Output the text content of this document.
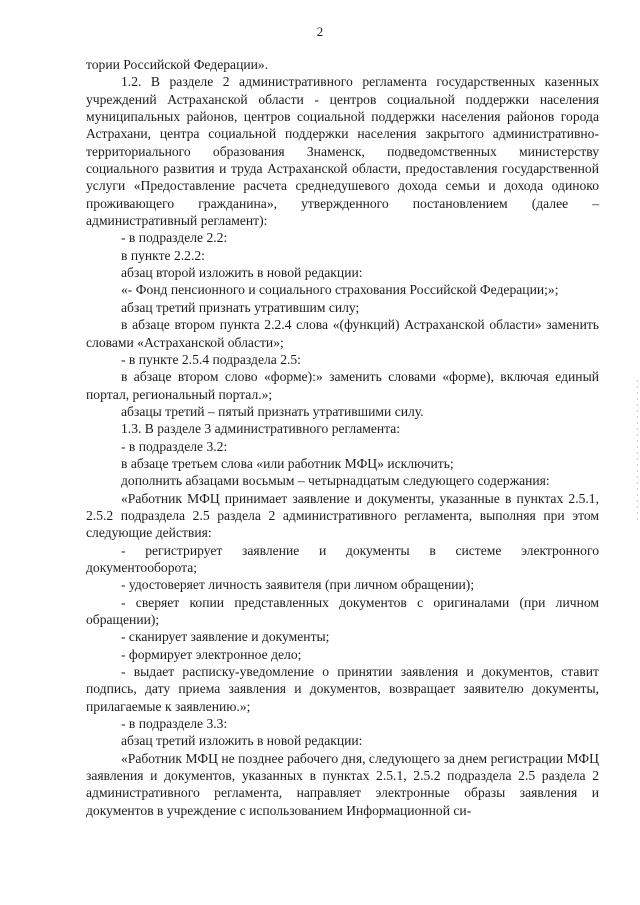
2

тории Российской Федерации».

1.2. В разделе 2 административного регламента государственных казенных учреждений Астраханской области - центров социальной поддержки населения муниципальных районов, центров социальной поддержки населения районов города Астрахани, центра социальной поддержки населения закрытого административно-территориального образования Знаменск, подведомственных министерству социального развития и труда Астраханской области, предоставления государственной услуги «Предоставление расчета среднедушевого дохода семьи и дохода одиноко проживающего гражданина», утвержденного постановлением (далее – административный регламент):

- в подразделе 2.2:

в пункте 2.2.2:

абзац второй изложить в новой редакции:

«- Фонд пенсионного и социального страхования Российской Федерации;»;

абзац третий признать утратившим силу;

в абзаце втором пункта 2.2.4 слова «(функций) Астраханской области» заменить словами «Астраханской области»;

- в пункте 2.5.4 подраздела 2.5:

в абзаце втором слово «форме):» заменить словами «форме), включая единый портал, региональный портал.»;

абзацы третий – пятый признать утратившими силу.

1.3. В разделе 3 административного регламента:

- в подразделе 3.2:

в абзаце третьем слова «или работник МФЦ» исключить;

дополнить абзацами восьмым – четырнадцатым следующего содержания:

«Работник МФЦ принимает заявление и документы, указанные в пунктах 2.5.1, 2.5.2 подраздела 2.5 раздела 2 административного регламента, выполняя при этом следующие действия:

- регистрирует заявление и документы в системе электронного документооборота;

- удостоверяет личность заявителя (при личном обращении);

- сверяет копии представленных документов с оригиналами (при личном обращении);

- сканирует заявление и документы;

- формирует электронное дело;

- выдает расписку-уведомление о принятии заявления и документов, ставит подпись, дату приема заявления и документов, возвращает заявителю документы, прилагаемые к заявлению.»;

- в подразделе 3.3:

абзац третий изложить в новой редакции:

«Работник МФЦ не позднее рабочего дня, следующего за днем регистрации МФЦ заявления и документов, указанных в пунктах 2.5.1, 2.5.2 подраздела 2.5 раздела 2 административного регламента, направляет электронные образы заявления и документов в учреждение с использованием Информационной си-
